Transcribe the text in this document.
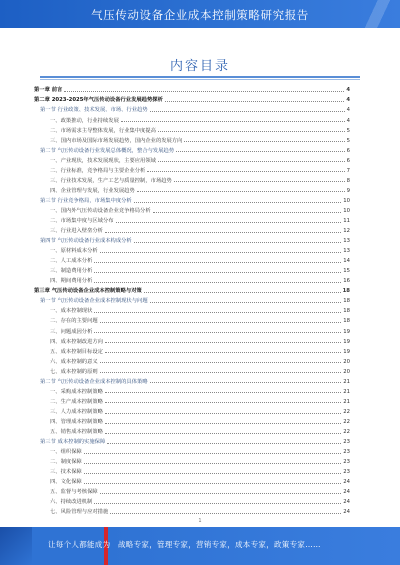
气压传动设备企业成本控制策略研究报告
内容目录
第一章 前言	4
第二章 2023-2025年气压传动设备行业发展趋势探析	4
第一节 行业政策、技术发展、市场、行业趋势	4
一、政策推动，行业持续发展	4
二、市场需求主导整体发展，行业集中度提高	5
三、国内市场及国际市场发展趋势，国内企业的发展方向	5
第二节 气压传动设备行业发展总体概况，整合与发展趋势	6
一、产业现状，技术发展现状，主要应用领域	6
二、行业标准，竞争格局与主要企业分析	7
三、行业技术发展，生产工艺与质量控制，市场趋势	8
四、企业管理与发展，行业发展趋势	9
第三节 行业竞争格局，市场集中度分析	10
一、国内外气压传动设备企业竞争格局分析	10
二、市场集中度与区域分布	11
三、行业进入壁垒分析	12
第四节 气压传动设备行业成本构成分析	13
一、原材料成本分析	13
二、人工成本分析	14
三、制造费用分析	15
四、期间费用分析	16
第三章 气压传动设备企业成本控制策略与对策	18
第一节 气压传动设备企业成本控制现状与问题	18
一、成本控制现状	18
二、存在的主要问题	18
三、问题成因分析	19
四、成本控制改进方向	19
五、成本控制目标设定	19
六、成本控制的意义	20
七、成本控制的原则	20
第二节 气压传动设备企业成本控制的具体策略	21
一、采购成本控制策略	21
二、生产成本控制策略	21
三、人力成本控制策略	22
四、管理成本控制策略	22
五、销售成本控制策略	22
第三节 成本控制的实施保障	23
一、组织保障	23
二、制度保障	23
三、技术保障	23
四、文化保障	24
五、监督与考核保障	24
六、持续改进机制	24
七、风险管理与应对措施	24
1
让每个人都能成为 战略专家，管理专家，营销专家，成本专家，政策专家……
